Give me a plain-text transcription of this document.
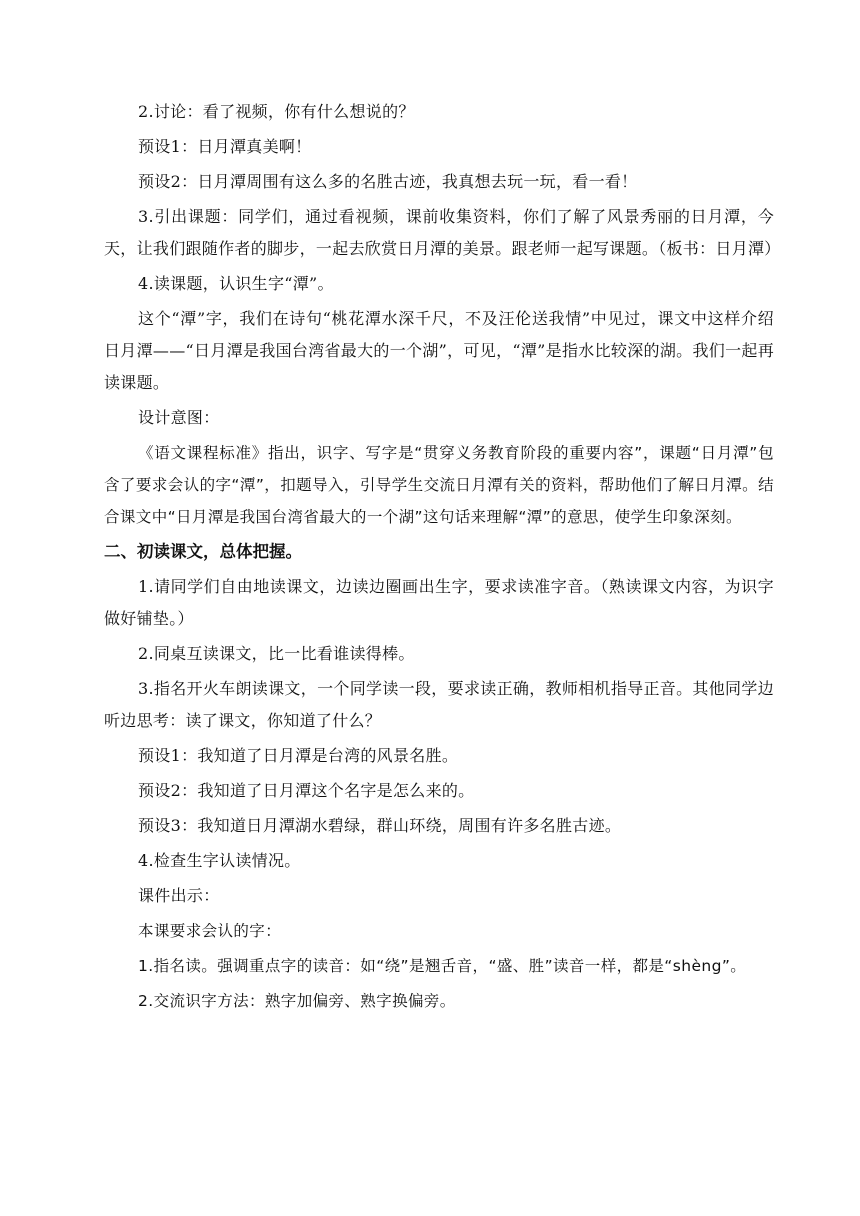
2.讨论：看了视频，你有什么想说的？

预设1：日月潭真美啊！

预设2：日月潭周围有这么多的名胜古迹，我真想去玩一玩，看一看！

3.引出课题：同学们，通过看视频，课前收集资料，你们了解了风景秀丽的日月潭，今天，让我们跟随作者的脚步，一起去欣赏日月潭的美景。跟老师一起写课题。（板书：日月潭）

4.读课题，认识生字“潭”。

这个“潭”字，我们在诗句“桃花潭水深千尺，不及汪伦送我情”中见过，课文中这样介绍日月潭——“日月潭是我国台湾省最大的一个湖”，可见，“潭”是指水比较深的湖。我们一起再读课题。

设计意图：

《语文课程标准》指出，识字、写字是“贯穿义务教育阶段的重要内容”，课题“日月潭”包含了要求会认的字“潭”，扣题导入，引导学生交流日月潭有关的资料，帮助他们了解日月潭。结合课文中“日月潭是我国台湾省最大的一个湖”这句话来理解“潭”的意思，使学生印象深刻。

二、初读课文，总体把握。

1.请同学们自由地读课文，边读边圈画出生字，要求读准字音。（熟读课文内容，为识字做好铺垫。）

2.同桌互读课文，比一比看谁读得棒。

3.指名开火车朗读课文，一个同学读一段，要求读正确，教师相机指导正音。其他同学边听边思考：读了课文，你知道了什么？

预设1：我知道了日月潭是台湾的风景名胜。

预设2：我知道了日月潭这个名字是怎么来的。

预设3：我知道日月潭湖水碧绿，群山环绕，周围有许多名胜古迹。

4.检查生字认读情况。

课件出示：

本课要求会认的字：

1.指名读。强调重点字的读音：如“绕”是翘舌音，“盛、胜”读音一样，都是“shèng”。

2.交流识字方法：熟字加偏旁、熟字换偏旁。
